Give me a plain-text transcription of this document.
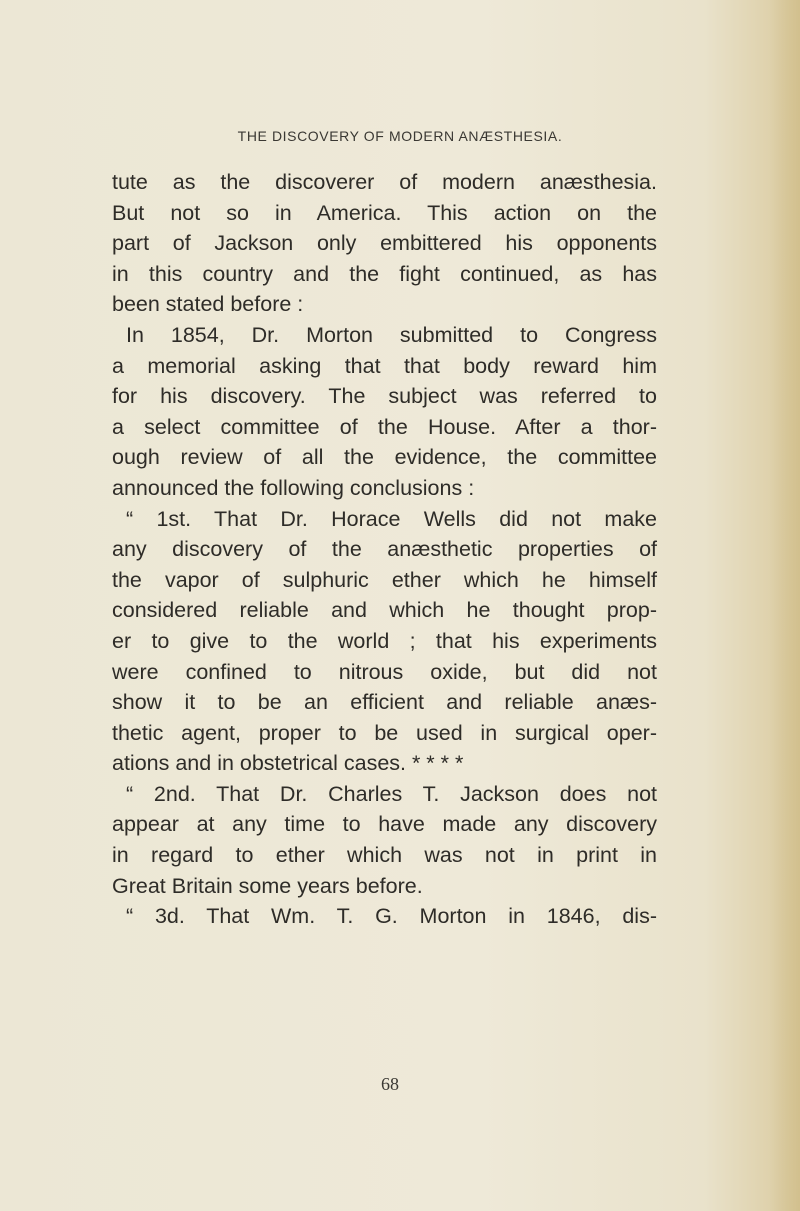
THE DISCOVERY OF MODERN ANÆSTHESIA.
tute as the discoverer of modern anæsthesia.
But not so in America. This action on the
part of Jackson only embittered his opponents
in this country and the fight continued, as has
been stated before :
In 1854, Dr. Morton submitted to Congress
a memorial asking that that body reward him
for his discovery. The subject was referred to
a select committee of the House. After a thor-
ough review of all the evidence, the committee
announced the following conclusions :
“ 1st. That Dr. Horace Wells did not make
any discovery of the anæsthetic properties of
the vapor of sulphuric ether which he himself
considered reliable and which he thought prop-
er to give to the world ; that his experiments
were confined to nitrous oxide, but did not
show it to be an efficient and reliable anæs-
thetic agent, proper to be used in surgical oper-
ations and in obstetrical cases. * * * *
“ 2nd. That Dr. Charles T. Jackson does not
appear at any time to have made any discovery
in regard to ether which was not in print in
Great Britain some years before.
“ 3d. That Wm. T. G. Morton in 1846, dis-
68
